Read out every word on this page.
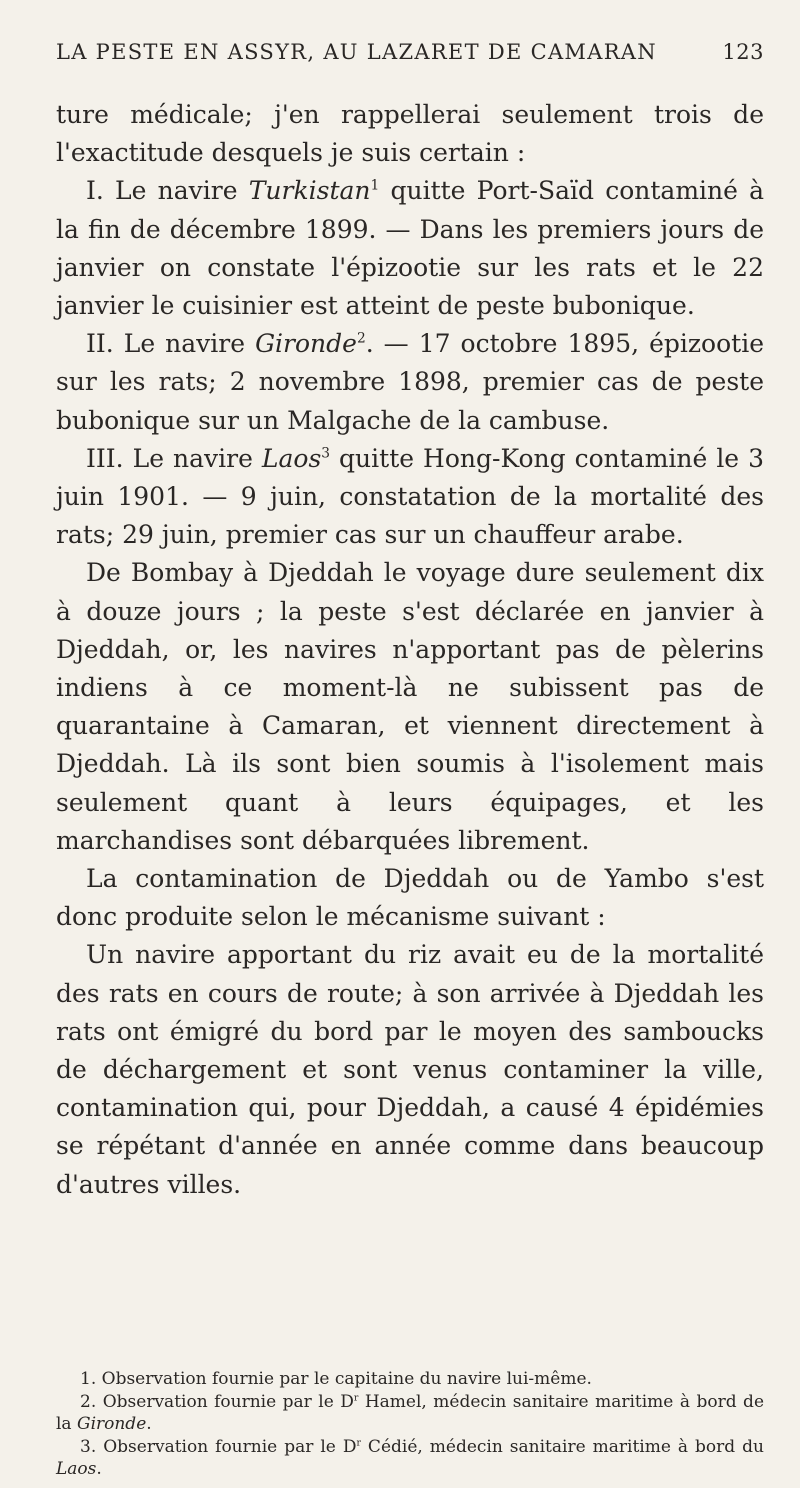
LA PESTE EN ASSYR, AU LAZARET DE CAMARAN	123

ture médicale; j'en rappellerai seulement trois de l'exactitude desquels je suis certain :

I. Le navire Turkistan$^1$ quitte Port-Saïd contaminé à la fin de décembre 1899. — Dans les premiers jours de janvier on constate l'épizootie sur les rats et le 22 janvier le cuisinier est atteint de peste bubonique.

II. Le navire Gironde$^2$. — 17 octobre 1895, épizootie sur les rats; 2 novembre 1898, premier cas de peste bubonique sur un Malgache de la cambuse.

III. Le navire Laos$^3$ quitte Hong-Kong contaminé le 3 juin 1901. — 9 juin, constatation de la mortalité des rats; 29 juin, premier cas sur un chauffeur arabe.

De Bombay à Djeddah le voyage dure seulement dix à douze jours ; la peste s'est déclarée en janvier à Djeddah, or, les navires n'apportant pas de pèlerins indiens à ce moment-là ne subissent pas de quarantaine à Camaran, et viennent directement à Djeddah. Là ils sont bien soumis à l'isolement mais seulement quant à leurs équipages, et les marchandises sont débarquées librement.

La contamination de Djeddah ou de Yambo s'est donc produite selon le mécanisme suivant :

Un navire apportant du riz avait eu de la mortalité des rats en cours de route; à son arrivée à Djeddah les rats ont émigré du bord par le moyen des samboucks de déchargement et sont venus contaminer la ville, contamination qui, pour Djeddah, a causé 4 épidémies se répétant d'année en année comme dans beaucoup d'autres villes.

1. Observation fournie par le capitaine du navire lui-même.

2. Observation fournie par le $D^r$ Hamel, médecin sanitaire maritime à bord de la Gironde.

3. Observation fournie par le $D^r$ Cédié, médecin sanitaire maritime à bord du Laos.
